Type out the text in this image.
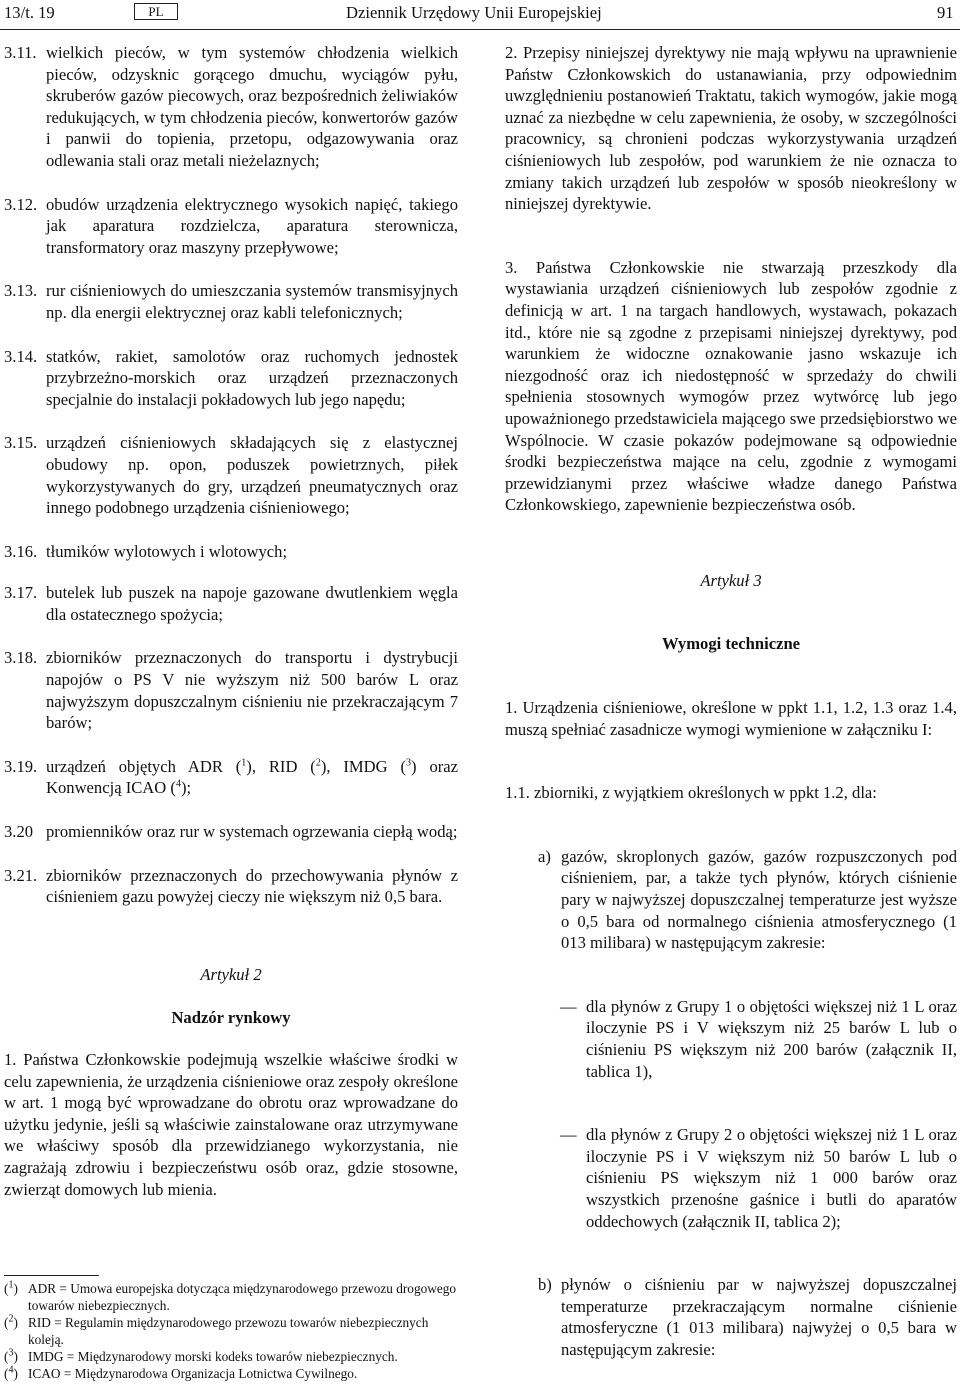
13/t. 19	PL	Dziennik Urzędowy Unii Europejskiej	91
3.11. wielkich pieców, w tym systemów chłodzenia wielkich pieców, odzysknic gorącego dmuchu, wyciągów pyłu, skruberów gazów piecowych, oraz bezpośrednich żeliwiaków redukujących, w tym chłodzenia pieców, konwertorów gazów i panwii do topienia, przetopu, odgazowywania oraz odlewania stali oraz metali nieżelaznych;
3.12. obudów urządzenia elektrycznego wysokich napięć, takiego jak aparatura rozdzielcza, aparatura sterownicza, transformatory oraz maszyny przepływowe;
3.13. rur ciśnieniowych do umieszczania systemów transmisyjnych np. dla energii elektrycznej oraz kabli telefonicznych;
3.14. statków, rakiet, samolotów oraz ruchomych jednostek przybrzeżno-morskich oraz urządzeń przeznaczonych specjalnie do instalacji pokładowych lub jego napędu;
3.15. urządzeń ciśnieniowych składających się z elastycznej obudowy np. opon, poduszek powietrznych, piłek wykorzystywanych do gry, urządzeń pneumatycznych oraz innego podobnego urządzenia ciśnieniowego;
3.16. tłumików wylotowych i wlotowych;
3.17. butelek lub puszek na napoje gazowane dwutlenkiem węgla dla ostatecznego spożycia;
3.18. zbiorników przeznaczonych do transportu i dystrybucji napojów o PS V nie wyższym niż 500 barów L oraz najwyższym dopuszczalnym ciśnieniu nie przekraczającym 7 barów;
3.19. urządzeń objętych ADR ($^1$), RID ($^2$), IMDG ($^3$) oraz Konwencją ICAO ($^4$);
3.20 promienników oraz rur w systemach ogrzewania ciepłą wodą;
3.21. zbiorników przeznaczonych do przechowywania płynów z ciśnieniem gazu powyżej cieczy nie większym niż 0,5 bara.
Artykuł 2
Nadzór rynkowy
1. Państwa Członkowskie podejmują wszelkie właściwe środki w celu zapewnienia, że urządzenia ciśnieniowe oraz zespoły określone w art. 1 mogą być wprowadzane do obrotu oraz wprowadzane do użytku jedynie, jeśli są właściwie zainstalowane oraz utrzymywane we właściwy sposób dla przewidzianego wykorzystania, nie zagrażają zdrowiu i bezpieczeństwu osób oraz, gdzie stosowne, zwierząt domowych lub mienia.
($^1$) ADR = Umowa europejska dotycząca międzynarodowego przewozu drogowego towarów niebezpiecznych.
($^2$) RID = Regulamin międzynarodowego przewozu towarów niebezpiecznych koleją.
($^3$) IMDG = Międzynarodowy morski kodeks towarów niebezpiecznych.
($^4$) ICAO = Międzynarodowa Organizacja Lotnictwa Cywilnego.
2. Przepisy niniejszej dyrektywy nie mają wpływu na uprawnienie Państw Członkowskich do ustanawiania, przy odpowiednim uwzględnieniu postanowień Traktatu, takich wymogów, jakie mogą uznać za niezbędne w celu zapewnienia, że osoby, w szczególności pracownicy, są chronieni podczas wykorzystywania urządzeń ciśnieniowych lub zespołów, pod warunkiem że nie oznacza to zmiany takich urządzeń lub zespołów w sposób nieokreślony w niniejszej dyrektywie.
3. Państwa Członkowskie nie stwarzają przeszkody dla wystawiania urządzeń ciśnieniowych lub zespołów zgodnie z definicją w art. 1 na targach handlowych, wystawach, pokazach itd., które nie są zgodne z przepisami niniejszej dyrektywy, pod warunkiem że widoczne oznakowanie jasno wskazuje ich niezgodność oraz ich niedostępność w sprzedaży do chwili spełnienia stosownych wymogów przez wytwórcę lub jego upoważnionego przedstawiciela mającego swe przedsiębiorstwo we Wspólnocie. W czasie pokazów podejmowane są odpowiednie środki bezpieczeństwa mające na celu, zgodnie z wymogami przewidzianymi przez właściwe władze danego Państwa Członkowskiego, zapewnienie bezpieczeństwa osób.
Artykuł 3
Wymogi techniczne
1. Urządzenia ciśnieniowe, określone w ppkt 1.1, 1.2, 1.3 oraz 1.4, muszą spełniać zasadnicze wymogi wymienione w załączniku I:
1.1. zbiorniki, z wyjątkiem określonych w ppkt 1.2, dla:
a) gazów, skroplonych gazów, gazów rozpuszczonych pod ciśnieniem, par, a także tych płynów, których ciśnienie pary w najwyższej dopuszczalnej temperaturze jest wyższe o 0,5 bara od normalnego ciśnienia atmosferycznego (1 013 milibara) w następującym zakresie:
— dla płynów z Grupy 1 o objętości większej niż 1 L oraz iloczynie PS i V większym niż 25 barów L lub o ciśnieniu PS większym niż 200 barów (załącznik II, tablica 1),
— dla płynów z Grupy 2 o objętości większej niż 1 L oraz iloczynie PS i V większym niż 50 barów L lub o ciśnieniu PS większym niż 1 000 barów oraz wszystkich przenośne gaśnice i butli do aparatów oddechowych (załącznik II, tablica 2);
b) płynów o ciśnieniu par w najwyższej dopuszczalnej temperaturze przekraczającym normalne ciśnienie atmosferyczne (1 013 milibara) najwyżej o 0,5 bara w następującym zakresie:
